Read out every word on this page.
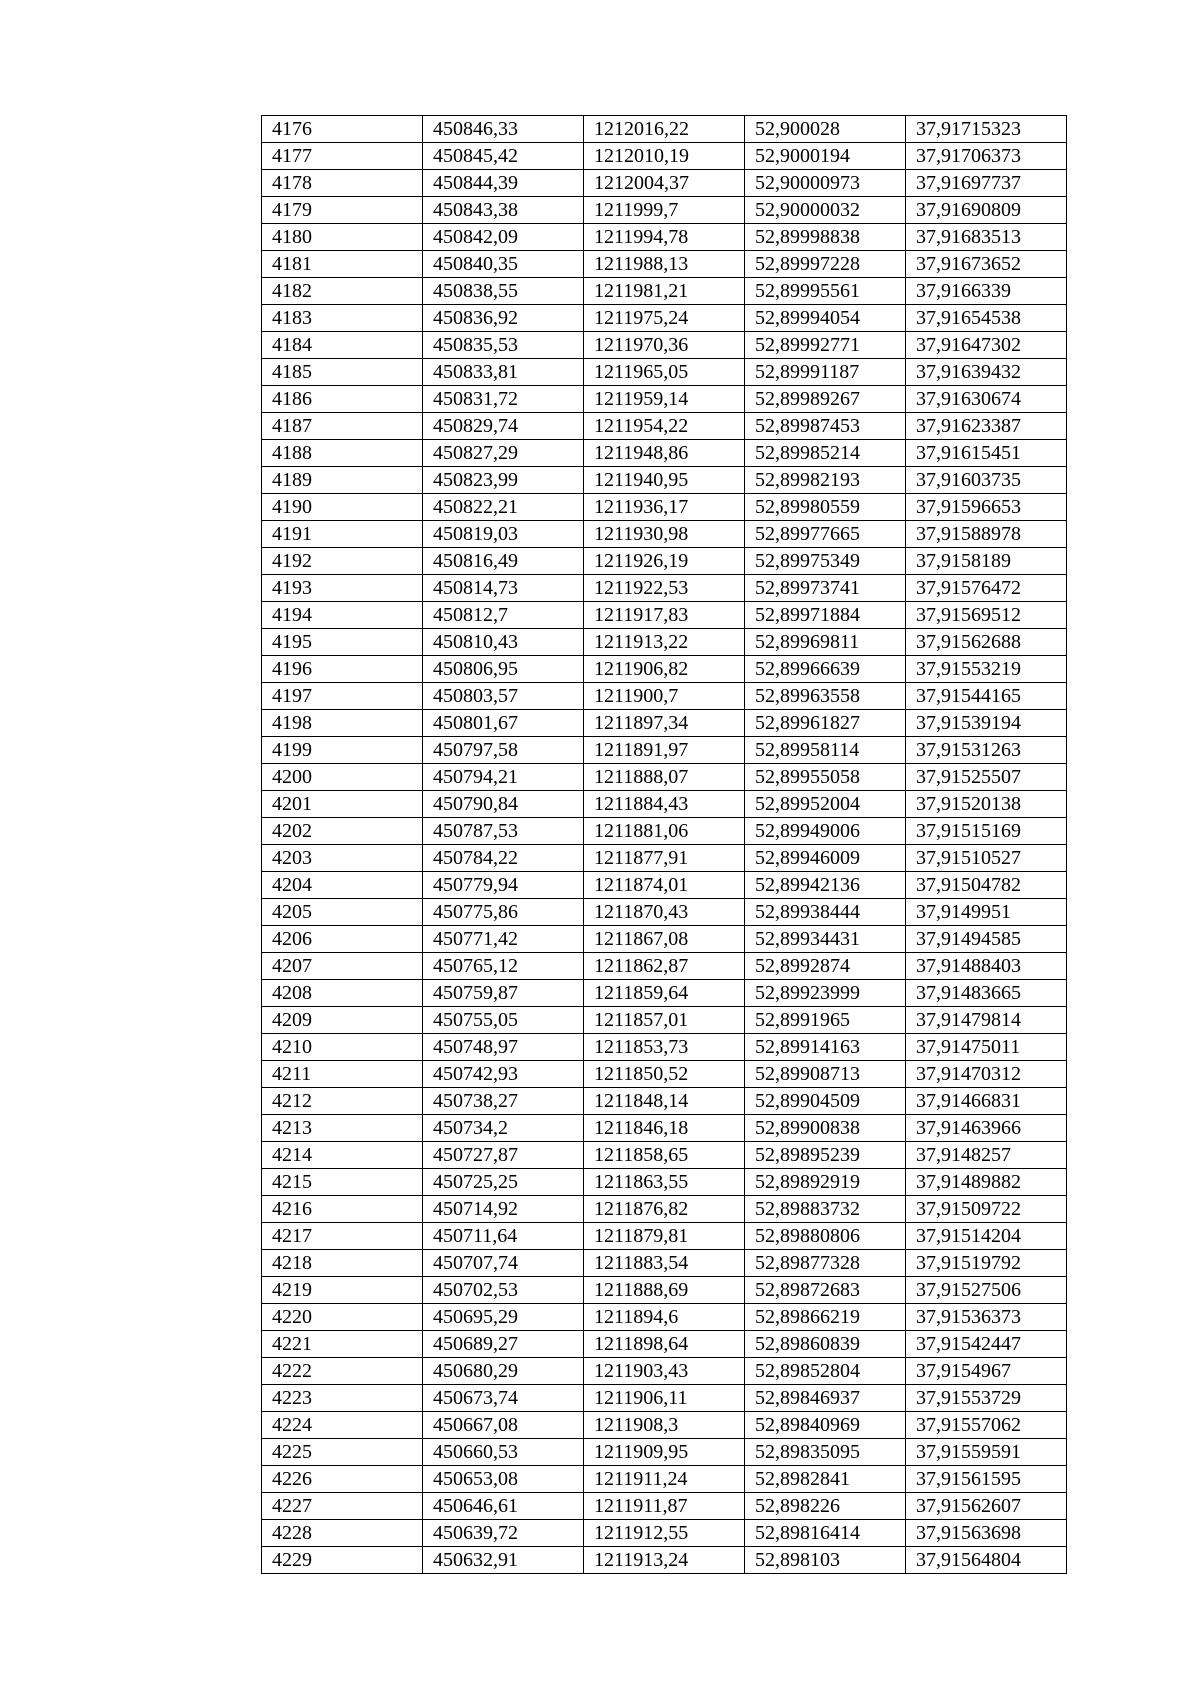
4176	450846,33	1212016,22	52,900028	37,91715323
4177	450845,42	1212010,19	52,9000194	37,91706373
4178	450844,39	1212004,37	52,90000973	37,91697737
4179	450843,38	1211999,7	52,90000032	37,91690809
4180	450842,09	1211994,78	52,89998838	37,91683513
4181	450840,35	1211988,13	52,89997228	37,91673652
4182	450838,55	1211981,21	52,89995561	37,9166339
4183	450836,92	1211975,24	52,89994054	37,91654538
4184	450835,53	1211970,36	52,89992771	37,91647302
4185	450833,81	1211965,05	52,89991187	37,91639432
4186	450831,72	1211959,14	52,89989267	37,91630674
4187	450829,74	1211954,22	52,89987453	37,91623387
4188	450827,29	1211948,86	52,89985214	37,91615451
4189	450823,99	1211940,95	52,89982193	37,91603735
4190	450822,21	1211936,17	52,89980559	37,91596653
4191	450819,03	1211930,98	52,89977665	37,91588978
4192	450816,49	1211926,19	52,89975349	37,9158189
4193	450814,73	1211922,53	52,89973741	37,91576472
4194	450812,7	1211917,83	52,89971884	37,91569512
4195	450810,43	1211913,22	52,89969811	37,91562688
4196	450806,95	1211906,82	52,89966639	37,91553219
4197	450803,57	1211900,7	52,89963558	37,91544165
4198	450801,67	1211897,34	52,89961827	37,91539194
4199	450797,58	1211891,97	52,89958114	37,91531263
4200	450794,21	1211888,07	52,89955058	37,91525507
4201	450790,84	1211884,43	52,89952004	37,91520138
4202	450787,53	1211881,06	52,89949006	37,91515169
4203	450784,22	1211877,91	52,89946009	37,91510527
4204	450779,94	1211874,01	52,89942136	37,91504782
4205	450775,86	1211870,43	52,89938444	37,9149951
4206	450771,42	1211867,08	52,89934431	37,91494585
4207	450765,12	1211862,87	52,8992874	37,91488403
4208	450759,87	1211859,64	52,89923999	37,91483665
4209	450755,05	1211857,01	52,8991965	37,91479814
4210	450748,97	1211853,73	52,89914163	37,91475011
4211	450742,93	1211850,52	52,89908713	37,91470312
4212	450738,27	1211848,14	52,89904509	37,91466831
4213	450734,2	1211846,18	52,89900838	37,91463966
4214	450727,87	1211858,65	52,89895239	37,9148257
4215	450725,25	1211863,55	52,89892919	37,91489882
4216	450714,92	1211876,82	52,89883732	37,91509722
4217	450711,64	1211879,81	52,89880806	37,91514204
4218	450707,74	1211883,54	52,89877328	37,91519792
4219	450702,53	1211888,69	52,89872683	37,91527506
4220	450695,29	1211894,6	52,89866219	37,91536373
4221	450689,27	1211898,64	52,89860839	37,91542447
4222	450680,29	1211903,43	52,89852804	37,9154967
4223	450673,74	1211906,11	52,89846937	37,91553729
4224	450667,08	1211908,3	52,89840969	37,91557062
4225	450660,53	1211909,95	52,89835095	37,91559591
4226	450653,08	1211911,24	52,8982841	37,91561595
4227	450646,61	1211911,87	52,898226	37,91562607
4228	450639,72	1211912,55	52,89816414	37,91563698
4229	450632,91	1211913,24	52,898103	37,91564804
